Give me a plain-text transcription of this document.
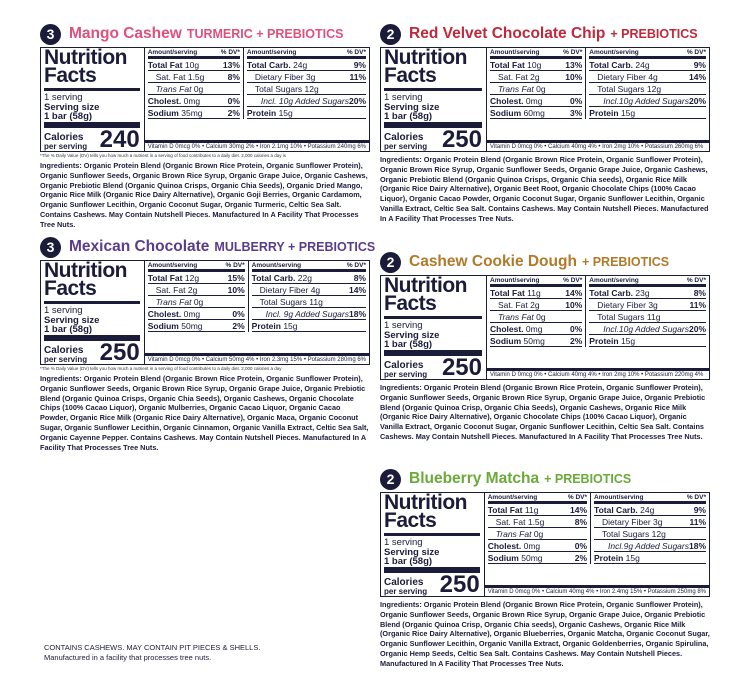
3 Mango Cashew TURMERIC + PREBIOTICS
Nutrition
Facts
1 serving
Serving size
1 bar (58g)
Calories
per serving 240
Amount/serving	% DV*
Total Fat 10g	13%
Sat. Fat 1.5g	8%
Trans Fat 0g
Cholest. 0mg	0%
Sodium 35mg	2%
Amount/serving	% DV*
Total Carb. 24g	9%
Dietary Fiber 3g	11%
Total Sugars 12g
Incl. 10g Added Sugars 20%
Protein 15g
Vitamin D 0mcg 0% • Calcium 30mg 2% • Iron 2.1mg 10% • Potassium 240mg 6%
*The % Daily Value (DV) tells you how much a nutrient in a serving of food contributes to a daily diet. 2,000 calories a day is
Ingredients: Organic Protein Blend (Organic Brown Rice Protein, Organic Sunflower Protein), Organic Sunflower Seeds, Organic Brown Rice Syrup, Organic Grape Juice, Organic Cashews, Organic Prebiotic Blend (Organic Quinoa Crisps, Organic Chia Seeds), Organic Dried Mango, Organic Rice Milk (Organic Rice Dairy Alternative), Organic Goji Berries, Organic Cardamom, Organic Sunflower Lecithin, Organic Coconut Sugar, Organic Turmeric, Celtic Sea Salt. Contains Cashews. May Contain Nutshell Pieces. Manufactured In A Facility That Processes Tree Nuts.
3 Mexican Chocolate MULBERRY + PREBIOTICS
Nutrition
Facts
1 serving
Serving size
1 bar (58g)
Calories
per serving 250
Amount/serving	% DV*
Total Fat 12g	15%
Sat. Fat 2g	10%
Trans Fat 0g
Cholest. 0mg	0%
Sodium 50mg	2%
Amount/serving	% DV*
Total Carb. 22g	8%
Dietary Fiber 4g	14%
Total Sugars 11g
Incl. 9g Added Sugars 18%
Protein 15g
Vitamin D 0mcg 0% • Calcium 50mg 4% • Iron 2.3mg 15% • Potassium 280mg 6%
*The % Daily Value (DV) tells you how much a nutrient in a serving of food contributes to a daily diet. 2,000 calories a day
Ingredients: Organic Protein Blend (Organic Brown Rice Protein, Organic Sunflower Protein), Organic Sunflower Seeds, Organic Brown Rice Syrup, Organic Grape Juice, Organic Prebiotic Blend (Organic Quinoa Crisps, Organic Chia Seeds), Organic Cashews, Organic Chocolate Chips (100% Cacao Liquor), Organic Mulberries, Organic Cacao Liquor, Organic Cacao Powder, Organic Rice Milk (Organic Rice Dairy Alternative), Organic Maca, Organic Coconut Sugar, Organic Sunflower Lecithin, Organic Cinnamon, Organic Vanilla Extract, Celtic Sea Salt, Organic Cayenne Pepper. Contains Cashews. May Contain Nutshell Pieces. Manufactured In A Facility That Processes Tree Nuts.
2 Red Velvet Chocolate Chip + PREBIOTICS
Nutrition
Facts
1 serving
Serving size
1 bar (58g)
Calories
per serving 250
Amount/serving	% DV*
Total Fat 10g	13%
Sat. Fat 2g	10%
Trans Fat 0g
Cholest. 0mg	0%
Sodium 60mg	3%
Amount/serving	% DV*
Total Carb. 24g	9%
Dietary Fiber 4g	14%
Total Sugars 12g
Incl.10g Added Sugars 20%
Protein 15g
Vitamin D 0mcg 0% • Calcium 40mg 4% • Iron 2mg 10% • Potassium 260mg 6%
Ingredients: Organic Protein Blend (Organic Brown Rice Protein, Organic Sunflower Protein), Organic Brown Rice Syrup, Organic Sunflower Seeds, Organic Grape Juice, Organic Cashews, Organic Prebiotic Blend (Organic Quinoa Crisps, Organic Chia seeds), Organic Rice Milk (Organic Rice Dairy Alternative), Organic Beet Root, Organic Chocolate Chips (100% Cacao Liquor), Organic Cacao Powder, Organic Coconut Sugar, Organic Sunflower Lecithin, Organic Vanilla Extract, Celtic Sea Salt. Contains Cashews. May Contain Nutshell Pieces. Manufactured In A Facility That Processes Tree Nuts.
2 Cashew Cookie Dough + PREBIOTICS
Nutrition
Facts
1 serving
Serving size
1 bar (58g)
Calories
per serving 250
Amount/serving	% DV*
Total Fat 11g	14%
Sat. Fat 2g	10%
Trans Fat 0g
Cholest. 0mg	0%
Sodium 50mg	2%
Amount/serving	% DV*
Total Carb. 23g	8%
Dietary Fiber 3g	11%
Total Sugars 11g
Incl.10g Added Sugars 20%
Protein 15g
Vitamin D 0mcg 0% • Calcium 40mg 4% • Iron 2mg 10% • Potassium 220mg 4%
Ingredients: Organic Protein Blend (Organic Brown Rice Protein, Organic Sunflower Protein), Organic Sunflower Seeds, Organic Brown Rice Syrup, Organic Grape Juice, Organic Prebiotic Blend (Organic Quinoa Crisp, Organic Chia Seeds), Organic Cashews, Organic Rice Milk (Organic Rice Dairy Alternative), Organic Chocolate Chips (100% Cacao Liquor), Organic Vanilla Extract, Organic Coconut Sugar, Organic Sunflower Lecithin, Celtic Sea Salt. Contains Cashews. May Contain Nutshell Pieces. Manufactured In A Facility That Processes Tree Nuts.
2 Blueberry Matcha + PREBIOTICS
Nutrition
Facts
1 serving
Serving size
1 bar (58g)
Calories
per serving 250
Amount/serving	% DV*
Total Fat 11g	14%
Sat. Fat 1.5g	8%
Trans Fat 0g
Cholest. 0mg	0%
Sodium 50mg	2%
Amount/serving	% DV*
Total Carb. 24g	9%
Dietary Fiber 3g	11%
Total Sugars 12g
Incl.9g Added Sugars 18%
Protein 15g
Vitamin D 0mcg 0% • Calcium 40mg 4% • Iron 2.4mg 15% • Potassium 250mg 8%
Ingredients: Organic Protein Blend (Organic Brown Rice Protein, Organic Sunflower Protein), Organic Sunflower Seeds, Organic Brown Rice Syrup, Organic Grape Juice, Organic Prebiotic Blend (Organic Quinoa Crisp, Organic Chia seeds), Organic Cashews, Organic Rice Milk (Organic Rice Dairy Alternative), Organic Blueberries, Organic Matcha, Organic Coconut Sugar, Organic Sunflower Lecithin, Organic Vanilla Extract, Organic Goldenberries, Organic Spirulina, Organic Hemp Seeds, Celtic Sea Salt. Contains Cashews. May Contain Nutshell Pieces. Manufactured In A Facility That Processes Tree Nuts.
CONTAINS CASHEWS. MAY CONTAIN PIT PIECES & SHELLS.
Manufactured in a facility that processes tree nuts.
